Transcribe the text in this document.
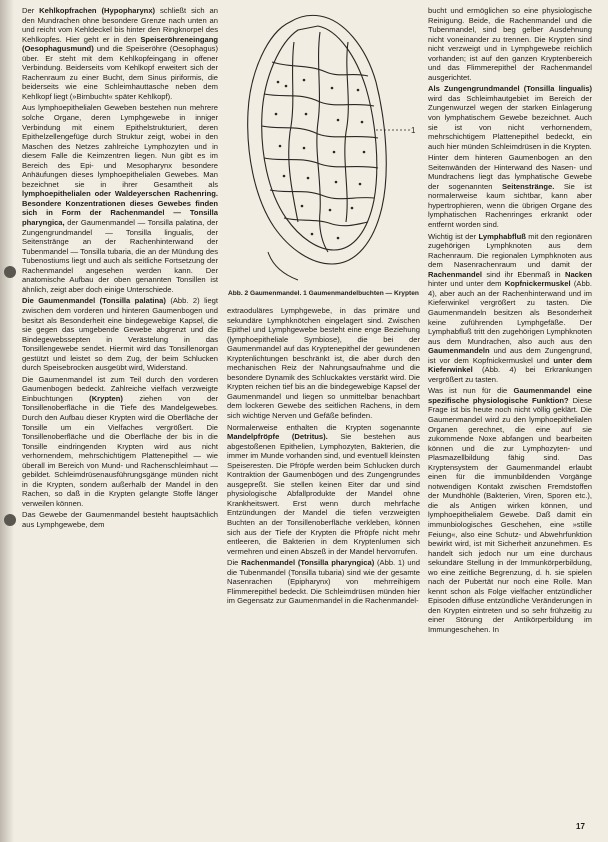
Der Kehlkopfrachen (Hypopharynx) schließt sich an den Mundrachen ohne besondere Grenze nach unten an und reicht vom Kehldeckel bis hinter den Ringknorpel des Kehlkopfes. Hier geht er in den Speiseröhreneingang (Oesophagusmund) und die Speiseröhre (Oesophagus) über. Er steht mit dem Kehlkopfeingang in offener Verbindung. Beiderseits vom Kehlkopf erweitert sich der Rachenraum zu einer Bucht, dem Sinus piriformis, die beiderseits wie eine Schleimhauttasche neben dem Kehlkopf liegt (»Birnbucht« später Kehlkopf).

Aus lymphoepithelialen Geweben bestehen nun mehrere solche Organe, deren Lymphgewebe in inniger Verbindung mit einem Epithelstrukturiert, deren Epithelzellengefüge durch Struktur zeigt, wobei in den Maschen des Netzes zahlreiche Lymphozyten und in diesem Falle die Keimzentren liegen. Nun gibt es im Bereich des Epi- und Mesopharynx besondere Anhäufungen dieses lymphoepithelialen Gewebes. Man bezeichnet sie in ihrer Gesamtheit als lymphoepithelialen oder Waldeyerschen Rachenring. Besondere Konzentrationen dieses Gewebes finden sich in Form der Rachenmandel — Tonsilla pharyngica, der Gaumenmandel — Tonsilla palatina, der Zungengrundmandel — Tonsilla lingualis, der Seitenstränge an der Rachenhinterwand der Tubenmandel — Tonsilla tubaria, die an der Mündung des Tubenostiums liegt und auch als seitliche Fortsetzung der Rachenmandel angesehen werden kann. Der anatomische Aufbau der oben genannten Tonsillen ist ähnlich, zeigt aber doch einige Unterschiede.

Die Gaumenmandel (Tonsilla palatina) (Abb. 2) liegt zwischen dem vorderen und hinteren Gaumenbogen und besitzt als Besonderheit eine bindegewebige Kapsel, die sie gegen das umgebende Gewebe abgrenzt und die Bindegewebssepten in Verästelung in das Tonsillengewebe sendet. Hiermit wird das Tonsillenorgan gestützt und leistet so dem Zug, der beim Schlucken durch Speisebrocken ausgeübt wird, Widerstand.

Die Gaumenmandel ist zum Teil durch den vorderen Gaumenbogen bedeckt. Zahlreiche vielfach verzweigte Einbuchtungen (Krypten) ziehen von der Tonsillenoberfläche in die Tiefe des Mandelgewebes. Durch den Aufbau dieser Krypten wird die Oberfläche der Tonsille um ein Vielfaches vergrößert. Die Tonsillenoberfläche und die Oberfläche der bis in die Tonsille eindringenden Krypten wird aus nicht verhornendem, mehrschichtigem Plattenepithel — wie überall im Bereich von Mund- und Rachenschleimhaut — gebildet. Schleimdrüsenausführungsgänge münden nicht in die Krypten, sondern außerhalb der Mandel in den Rachen, so daß in die Krypten gelangte Stoffe länger verweilen können.

Das Gewebe der Gaumenmandel besteht hauptsächlich aus Lymphgewebe, dem

1
Abb. 2 Gaumenmandel. 1 Gaumenmandelbuchten — Krypten

extraoduläres Lymphgewebe, in das primäre und sekundäre Lymphknötchen eingelagert sind. Zwischen Epithel und Lymphgewebe besteht eine enge Beziehung (lymphoepitheliale Symbiose), die bei der Gaumenmandel auf das Kryptenepithel der gewundenen Kryptenlichtungen beschränkt ist, die aber durch den mechanischen Reiz der Nahrungsaufnahme und die besondere Dynamik des Schluckaktes verstärkt wird. Die Krypten reichen tief bis an die bindegewebige Kapsel der Gaumenmandel und liegen so unmittelbar benachbart dem lockeren Gewebe des seitlichen Rachens, in dem sich wichtige Nerven und Gefäße befinden.

Normalerweise enthalten die Krypten sogenannte Mandelpfröpfe (Detritus). Sie bestehen aus abgestoßenen Epithelien, Lymphozyten, Bakterien, die immer im Munde vorhanden sind, und eventuell kleinsten Speiseresten. Die Pfröpfe werden beim Schlucken durch Kontraktion der Gaumenbögen und des Zungengrundes ausgepreßt. Sie stellen keinen Eiter dar und sind physiologische Abfallprodukte der Mandel ohne Krankheitswert. Erst wenn durch mehrfache Entzündungen der Mandel die tiefen verzweigten Buchten an der Tonsillenoberfläche verkleben, können sich aus der Tiefe der Krypten die Pfröpfe nicht mehr entleeren, die Bakterien in dem Kryptenlumen sich vermehren und einen Abszeß in der Mandel hervorrufen.

Die Rachenmandel (Tonsilla pharyngica) (Abb. 1) und die Tubenmandel (Tonsilla tubaria) sind wie der gesamte Nasenrachen (Epipharynx) von mehrreihigem Flimmerepithel bedeckt. Die Schleimdrüsen münden hier im Gegensatz zur Gaumenmandel in die Rachenmandel-

bucht und ermöglichen so eine physiologische Reinigung. Beide, die Rachenmandel und die Tubenmandel, sind beg gelber Ausdehnung nicht voneinander zu trennen. Die Krypten sind nicht verzweigt und in Lymphgewebe reichlich vorhanden; ist auf den ganzen Kryptenbereich und das Flimmerepithel der Rachenmandel ausgerichtet.

Als Zungengrundmandel (Tonsilla lingualis) wird das Schleimhautgebiet im Bereich der Zungenwurzel wegen der starken Einlagerung von lymphatischem Gewebe bezeichnet. Auch sie ist von nicht verhornendem, mehrschichtigem Plattenepithel bedeckt, ein auch hier münden Schleimdrüsen in die Krypten.

Hinter dem hinteren Gaumenbogen an den Seitenwänden der Hinterwand des Nasen- und Mundrachens liegt das lymphatische Gewebe der sogenannten Seitenstränge. Sie ist normalerweise kaum sichtbar, kann aber hypertrophieren, wenn die übrigen Organe des lymphatischen Rachenringes erkrankt oder entfernt worden sind.

Wichtig ist der Lymphabfluß mit den regionären zugehörigen Lymphknoten aus dem Rachenraum. Die regionalen Lymphknoten aus dem Nasenrachenraum und damit der Rachenmandel sind ihr Ebenmaß in Nacken hinter und unter dem Kopfnickermuskel (Abb. 4), aber auch an der Rachenhinterwand und im Kieferwinkel vergrößert zu tasten. Die Gaumenmandeln besitzen als Besonderheit keine zuführenden Lymphgefäße. Der Lymphabfluß tritt den zugehörigen Lymphknoten aus dem Mundrachen, also auch aus den Gaumenmandeln und aus dem Zungengrund, ist vor dem Kopfnickermuskel und unter dem Kieferwinkel (Abb. 4) bei Erkrankungen vergrößert zu tasten.

Was ist nun für die Gaumenmandel eine spezifische physiologische Funktion? Diese Frage ist bis heute noch nicht völlig geklärt. Die Gaumenmandel wird zu den lymphoepithelialen Organen gerechnet, die eine auf sie zukommende Noxe abfangen und bearbeiten können und die zur Lymphozyten- und Plasmazellbildung fähig sind. Das Kryptensystem der Gaumenmandel erlaubt einen für die immunbildenden Vorgänge notwendigen Kontakt zwischen Fremdstoffen der Mundhöhle (Bakterien, Viren, Sporen etc.), die als Antigen wirken können, und lymphoepithelialem Gewebe. Daß damit ein immunbiologisches Geschehen, eine »stille Feiung«, also eine Schutz- und Abwehrfunktion bewirkt wird, ist mit Sicherheit anzunehmen. Es handelt sich jedoch nur um eine durchaus sekundäre Stellung in der Immunkörperbildung, wo eine zeitliche Begrenzung, d. h. sie spielen nach der Pubertät nur noch eine Rolle. Man kennt schon als Folge vielfacher entzündlicher Episoden diffuse entzündliche Veränderungen in den Krypten eintreten und so sehr frühzeitig zu einer Störung der Antikörperbildung im Immungeschehen. In

17
